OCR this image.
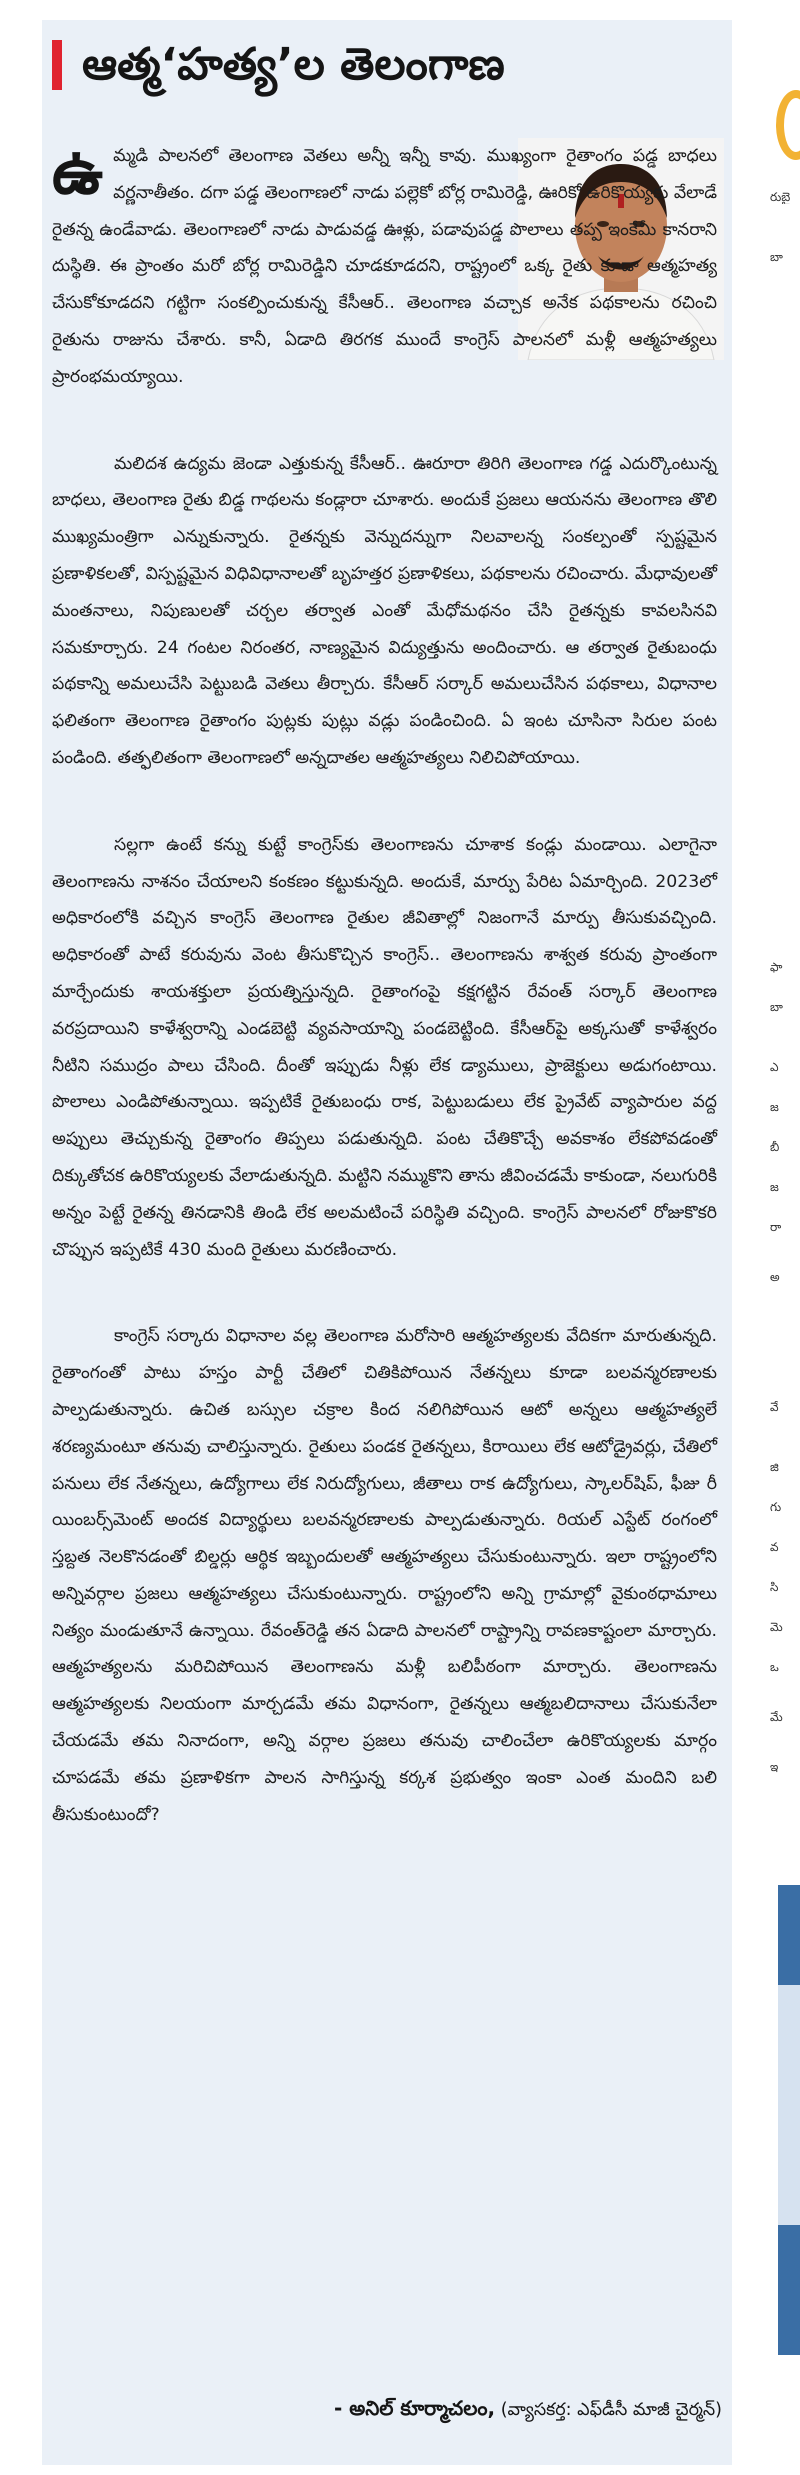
ఆత్మ‘హత్య’ల తెలంగాణ

ఉమ్మడి పాలనలో తెలంగాణ వెతలు అన్నీ ఇన్నీ కావు. ముఖ్యంగా రైతాంగం పడ్డ బాధలు వర్ణనాతీతం. దగా పడ్డ తెలంగాణలో నాడు పల్లెకో బోర్ల రామిరెడ్డి, ఊరికో ఉరికొయ్యకు వేలాడే రైతన్న ఉండేవాడు. తెలంగాణలో నాడు పాడువడ్డ ఊళ్లు, పడావుపడ్డ పొలాలు తప్ప ఇంకేమీ కానరాని దుస్థితి. ఈ ప్రాంతం మరో బోర్ల రామిరెడ్డిని చూడకూడదని, రాష్ట్రంలో ఒక్క రైతు కూడా ఆత్మహత్య చేసుకోకూడదని గట్టిగా సంకల్పించుకున్న కేసీఆర్.. తెలంగాణ వచ్చాక అనేక పథకాలను రచించి రైతును రాజును చేశారు. కానీ, ఏడాది తిరగక ముందే కాంగ్రెస్ పాలనలో మళ్లీ ఆత్మహత్యలు ప్రారంభమయ్యాయి.

మలిదశ ఉద్యమ జెండా ఎత్తుకున్న కేసీఆర్.. ఊరూరా తిరిగి తెలంగాణ గడ్డ ఎదుర్కొంటున్న బాధలు, తెలంగాణ రైతు బిడ్డ గాథలను కండ్లారా చూశారు. అందుకే ప్రజలు ఆయనను తెలంగాణ తొలి ముఖ్యమంత్రిగా ఎన్నుకున్నారు. రైతన్నకు వెన్నుదన్నుగా నిలవాలన్న సంకల్పంతో స్పష్టమైన ప్రణాళికలతో, విస్పష్టమైన విధివిధానాలతో బృహత్తర ప్రణాళికలు, పథకాలను రచించారు. మేధావులతో మంతనాలు, నిపుణులతో చర్చల తర్వాత ఎంతో మేధోమథనం చేసి రైతన్నకు కావలసినవి సమకూర్చారు. 24 గంటల నిరంతర, నాణ్యమైన విద్యుత్తును అందించారు. ఆ తర్వాత రైతుబంధు పథకాన్ని అమలుచేసి పెట్టుబడి వెతలు తీర్చారు. కేసీఆర్ సర్కార్ అమలుచేసిన పథకాలు, విధానాల ఫలితంగా తెలంగాణ రైతాంగం పుట్లకు పుట్లు వడ్లు పండించింది. ఏ ఇంట చూసినా సిరుల పంట పండింది. తత్ఫలితంగా తెలంగాణలో అన్నదాతల ఆత్మహత్యలు నిలిచిపోయాయి.

సల్లగా ఉంటే కన్ను కుట్టే కాంగ్రెస్‌కు తెలంగాణను చూశాక కండ్లు మండాయి. ఎలాగైనా తెలంగాణను నాశనం చేయాలని కంకణం కట్టుకున్నది. అందుకే, మార్పు పేరిట ఏమార్చింది. 2023లో అధికారంలోకి వచ్చిన కాంగ్రెస్ తెలంగాణ రైతుల జీవితాల్లో నిజంగానే మార్పు తీసుకువచ్చింది. అధికారంతో పాటే కరువును వెంట తీసుకొచ్చిన కాంగ్రెస్.. తెలంగాణను శాశ్వత కరువు ప్రాంతంగా మార్చేందుకు శాయశక్తులా ప్రయత్నిస్తున్నది. రైతాంగంపై కక్షగట్టిన రేవంత్ సర్కార్ తెలంగాణ వరప్రదాయిని కాళేశ్వరాన్ని ఎండబెట్టి వ్యవసాయాన్ని పండబెట్టింది. కేసీఆర్‌పై అక్కసుతో కాళేశ్వరం నీటిని సముద్రం పాలు చేసింది. దీంతో ఇప్పుడు నీళ్లు లేక డ్యాములు, ప్రాజెక్టులు అడుగంటాయి. పొలాలు ఎండిపోతున్నాయి. ఇప్పటికే రైతుబంధు రాక, పెట్టుబడులు లేక ప్రైవేట్ వ్యాపారుల వద్ద అప్పులు తెచ్చుకున్న రైతాంగం తిప్పలు పడుతున్నది. పంట చేతికొచ్చే అవకాశం లేకపోవడంతో దిక్కుతోచక ఉరికొయ్యలకు వేలాడుతున్నది. మట్టిని నమ్ముకొని తాను జీవించడమే కాకుండా, నలుగురికి అన్నం పెట్టే రైతన్న తినడానికి తిండి లేక అలమటించే పరిస్థితి వచ్చింది. కాంగ్రెస్ పాలనలో రోజుకొకరి చొప్పున ఇప్పటికే 430 మంది రైతులు మరణించారు.

కాంగ్రెస్ సర్కారు విధానాల వల్ల తెలంగాణ మరోసారి ఆత్మహత్యలకు వేదికగా మారుతున్నది. రైతాంగంతో పాటు హస్తం పార్టీ చేతిలో చితికిపోయిన నేతన్నలు కూడా బలవన్మరణాలకు పాల్పడుతున్నారు. ఉచిత బస్సుల చక్రాల కింద నలిగిపోయిన ఆటో అన్నలు ఆత్మహత్యలే శరణ్యమంటూ తనువు చాలిస్తున్నారు. రైతులు పండక రైతన్నలు, కిరాయిలు లేక ఆటోడ్రైవర్లు, చేతిలో పనులు లేక నేతన్నలు, ఉద్యోగాలు లేక నిరుద్యోగులు, జీతాలు రాక ఉద్యోగులు, స్కాలర్‌షిప్, ఫీజు రీ యింబర్స్‌మెంట్ అందక విద్యార్థులు బలవన్మరణాలకు పాల్పడుతున్నారు. రియల్ ఎస్టేట్ రంగంలో స్తబ్దత నెలకొనడంతో బిల్డర్లు ఆర్థిక ఇబ్బందులతో ఆత్మహత్యలు చేసుకుంటున్నారు. ఇలా రాష్ట్రంలోని అన్నివర్గాల ప్రజలు ఆత్మహత్యలు చేసుకుంటున్నారు. రాష్ట్రంలోని అన్ని గ్రామాల్లో వైకుంఠధామాలు నిత్యం మండుతూనే ఉన్నాయి. రేవంత్‌రెడ్డి తన ఏడాది పాలనలో రాష్ట్రాన్ని రావణకాష్టంలా మార్చారు. ఆత్మహత్యలను మరిచిపోయిన తెలంగాణను మళ్లీ బలిపీఠంగా మార్చారు. తెలంగాణను ఆత్మహత్యలకు నిలయంగా మార్చడమే తమ విధానంగా, రైతన్నలు ఆత్మబలిదానాలు చేసుకునేలా చేయడమే తమ నినాదంగా, అన్ని వర్గాల ప్రజలు తనువు చాలించేలా ఉరికొయ్యలకు మార్గం చూపడమే తమ ప్రణాళికగా పాలన సాగిస్తున్న కర్కశ ప్రభుత్వం ఇంకా ఎంత మందిని బలి తీసుకుంటుందో?

- అనిల్ కూర్మాచలం, (వ్యాసకర్త: ఎఫ్‌డీసీ మాజీ చైర్మన్)
రుబై
బా
ఫా
బా
ఎ
జ
బీ
జ
రా
అ
వే
జి
గు
వ
సి
మె
ఒ
మే
ఇ
